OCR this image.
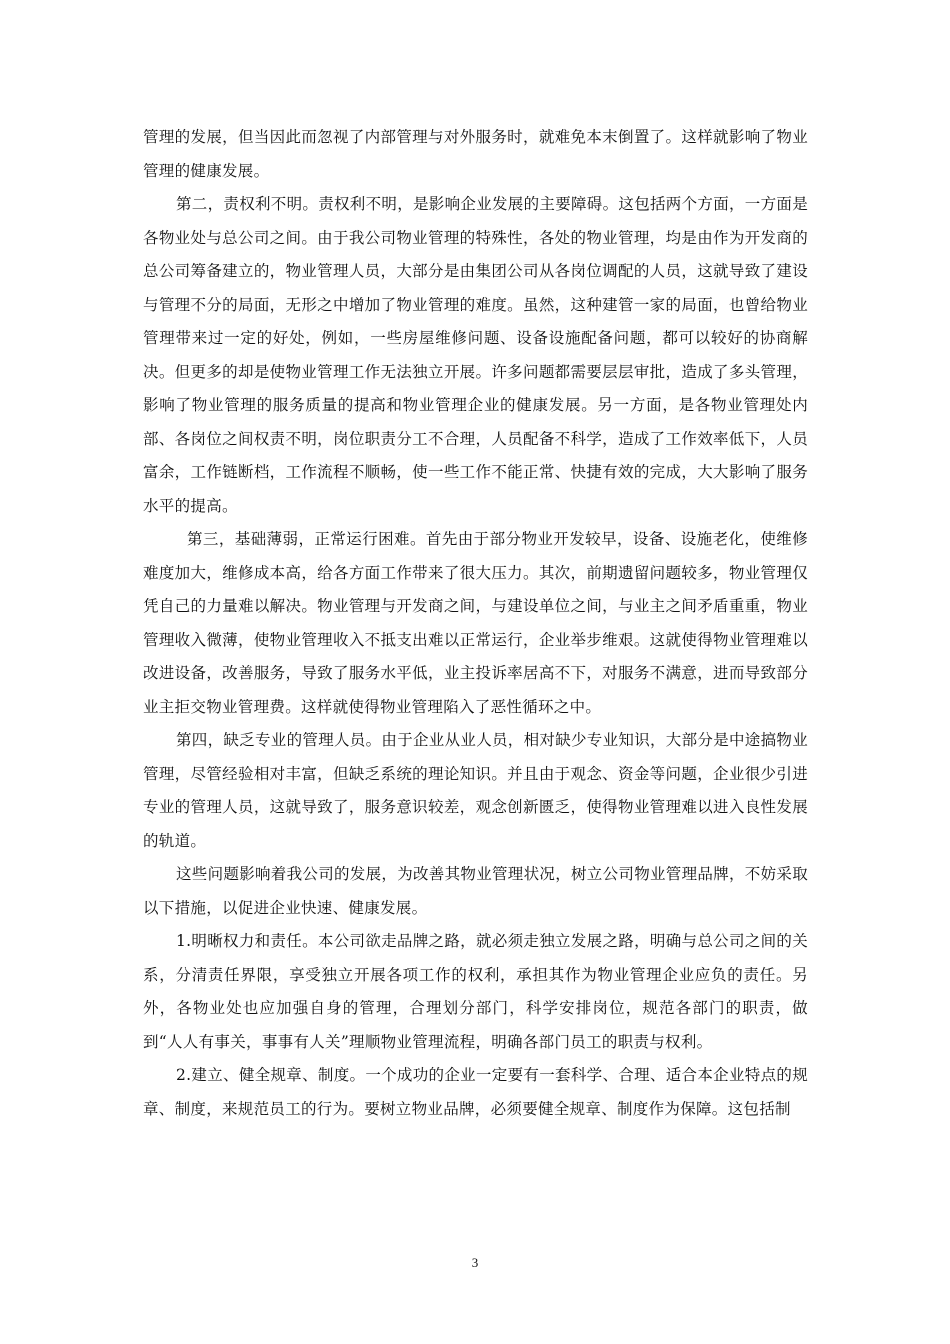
管理的发展，但当因此而忽视了内部管理与对外服务时，就难免本末倒置了。这样就影响了物业管理的健康发展。

第二，责权利不明。责权利不明，是影响企业发展的主要障碍。这包括两个方面，一方面是各物业处与总公司之间。由于我公司物业管理的特殊性，各处的物业管理，均是由作为开发商的总公司筹备建立的，物业管理人员，大部分是由集团公司从各岗位调配的人员，这就导致了建设与管理不分的局面，无形之中增加了物业管理的难度。虽然，这种建管一家的局面，也曾给物业管理带来过一定的好处，例如，一些房屋维修问题、设备设施配备问题，都可以较好的协商解决。但更多的却是使物业管理工作无法独立开展。许多问题都需要层层审批，造成了多头管理，影响了物业管理的服务质量的提高和物业管理企业的健康发展。另一方面，是各物业管理处内部、各岗位之间权责不明，岗位职责分工不合理，人员配备不科学，造成了工作效率低下，人员富余，工作链断档，工作流程不顺畅，使一些工作不能正常、快捷有效的完成，大大影响了服务水平的提高。

第三，基础薄弱，正常运行困难。首先由于部分物业开发较早，设备、设施老化，使维修难度加大，维修成本高，给各方面工作带来了很大压力。其次，前期遗留问题较多，物业管理仅凭自己的力量难以解决。物业管理与开发商之间，与建设单位之间，与业主之间矛盾重重，物业管理收入微薄，使物业管理收入不抵支出难以正常运行，企业举步维艰。这就使得物业管理难以改进设备，改善服务，导致了服务水平低，业主投诉率居高不下，对服务不满意，进而导致部分业主拒交物业管理费。这样就使得物业管理陷入了恶性循环之中。

第四，缺乏专业的管理人员。由于企业从业人员，相对缺少专业知识，大部分是中途搞物业管理，尽管经验相对丰富，但缺乏系统的理论知识。并且由于观念、资金等问题，企业很少引进专业的管理人员，这就导致了，服务意识较差，观念创新匮乏，使得物业管理难以进入良性发展的轨道。

这些问题影响着我公司的发展，为改善其物业管理状况，树立公司物业管理品牌，不妨采取以下措施，以促进企业快速、健康发展。

1.明晰权力和责任。本公司欲走品牌之路，就必须走独立发展之路，明确与总公司之间的关系，分清责任界限，享受独立开展各项工作的权利，承担其作为物业管理企业应负的责任。另外，各物业处也应加强自身的管理，合理划分部门，科学安排岗位，规范各部门的职责，做到“人人有事关，事事有人关”理顺物业管理流程，明确各部门员工的职责与权利。

2.建立、健全规章、制度。一个成功的企业一定要有一套科学、合理、适合本企业特点的规章、制度，来规范员工的行为。要树立物业品牌，必须要健全规章、制度作为保障。这包括制

3
